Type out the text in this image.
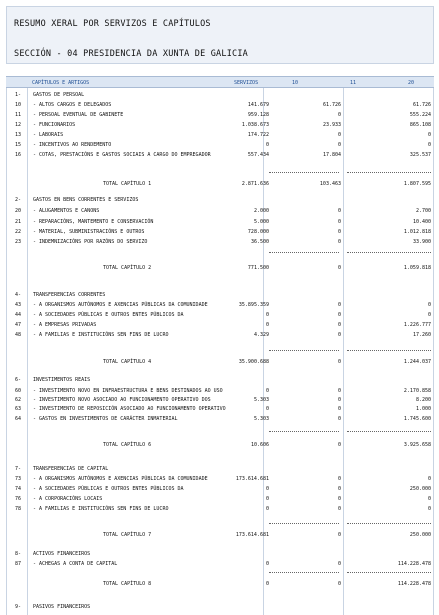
RESUMO XERAL POR SERVIZOS E CAPÍTULOS
SECCIÓN - 04 PRESIDENCIA DA XUNTA DE GALICIA
CAPÍTULOS E ARTIGOS	SERVIZOS	10	11	20
1- GASTOS DE PERSOAL
10 - ALTOS CARGOS E DELEGADOS	141.679	61.726	61.726
11 - PERSOAL EVENTUAL DE GABINETE	959.128	0	555.224
12 - FUNCIONARIOS	1.038.673	23.933	865.108
13 - LABORAIS	174.722	0	0
15 - INCENTIVOS AO RENDEMENTO	0	0	0
16 - COTAS, PRESTACIÓNS E GASTOS SOCIAIS A CARGO DO EMPREGADOR	557.434	17.804	325.537
TOTAL CAPÍTULO 1	2.871.636	103.463	1.807.595
2- GASTOS EN BENS CORRENTES E SERVIZOS
20 - ALUGAMENTOS E CANONS	2.000	0	2.700
21 - REPARACIÓNS, MANTEMENTO E CONSERVACIÓN	5.000	0	10.400
22 - MATERIAL, SUBMINISTRACIÓNS E OUTROS	728.000	0	1.012.818
23 - INDEMNIZACIÓNS POR RAZÓNS DO SERVIZO	36.500	0	33.900
TOTAL CAPÍTULO 2	771.500	0	1.059.818
4- TRANSFERENCIAS CORRENTES
43 - A ORGANISMOS AUTÓNOMOS E AXENCIAS PÚBLICAS DA COMUNIDADE	35.895.359	0	0
44 - A SOCIEDADES PÚBLICAS E OUTROS ENTES PÚBLICOS DA	0	0	0
47 - A EMPRESAS PRIVADAS	0	0	1.226.777
48 - A FAMILIAS E INSTITUCIÓNS SEN FINS DE LUCRO	4.329	0	17.260
TOTAL CAPÍTULO 4	35.900.688	0	1.244.037
6- INVESTIMENTOS REAIS
60 - INVESTIMENTO NOVO EN INFRAESTRUCTURA E BENS DESTINADOS AO USO	0	0	2.170.858
62 - INVESTIMENTO NOVO ASOCIADO AO FUNCIONAMENTO OPERATIVO DOS	5.303	0	8.200
63 - INVESTIMENTO DE REPOSICIÓN ASOCIADO AO FUNCIONAMENTO OPERATIVO	0	0	1.000
64 - GASTOS EN INVESTIMENTOS DE CARÁCTER INMATERIAL	5.303	0	1.745.600
TOTAL CAPÍTULO 6	10.606	0	3.925.658
7- TRANSFERENCIAS DE CAPITAL
73 - A ORGANISMOS AUTÓNOMOS E AXENCIAS PÚBLICAS DA COMUNIDADE	173.614.681	0	0
74 - A SOCIEDADES PÚBLICAS E OUTROS ENTES PÚBLICOS DA	0	0	250.000
76 - A CORPORACIÓNS LOCAIS	0	0	0
78 - A FAMILIAS E INSTITUCIÓNS SEN FINS DE LUCRO	0	0	0
TOTAL CAPÍTULO 7	173.614.681	0	250.000
8- ACTIVOS FINANCEIROS
87 - ACHEGAS A CONTA DE CAPITAL	0	0	114.228.478
TOTAL CAPÍTULO 8	0	0	114.228.478
9- PASIVOS FINANCEIROS
